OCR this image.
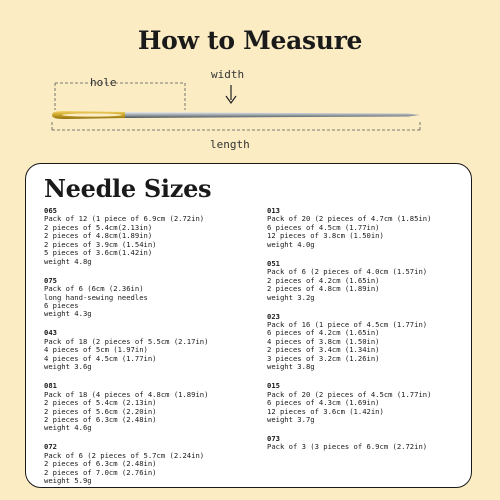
How to Measure
hole
width
length
Needle Sizes
065
Pack of 12 (1 piece of 6.9cm (2.72in)
2 pieces of 5.4cm(2.13in)
2 pieces of 4.8cm(1.89in)
2 pieces of 3.9cm (1.54in)
5 pieces of 3.6cm(1.42in)
weight 4.8g
075
Pack of 6 (6cm (2.36in)
long hand-sewing needles
6 pieces
weight 4.3g
043
Pack of 18 (2 pieces of 5.5cm (2.17in)
4 pieces of 5cm (1.97in)
4 pieces of 4.5cm (1.77in)
weight 3.6g
081
Pack of 18 (4 pieces of 4.8cm (1.89in)
2 pieces of 5.4cm (2.13in)
2 pieces of 5.6cm (2.20in)
2 pieces of 6.3cm (2.48in)
weight 4.6g
072
Pack of 6 (2 pieces of 5.7cm (2.24in)
2 pieces of 6.3cm (2.48in)
2 pieces of 7.0cm (2.76in)
weight 5.9g
013
Pack of 20 (2 pieces of 4.7cm (1.85in)
6 pieces of 4.5cm (1.77in)
12 pieces of 3.8cm (1.50in)
weight 4.0g
051
Pack of 6 (2 pieces of 4.0cm (1.57in)
2 pieces of 4.2cm (1.65in)
2 pieces of 4.8cm (1.89in)
weight 3.2g
023
Pack of 16 (1 piece of 4.5cm (1.77in)
6 pieces of 4.2cm (1.65in)
4 pieces of 3.8cm (1.50in)
2 pieces of 3.4cm (1.34in)
3 pieces of 3.2cm (1.26in)
weight 3.8g
015
Pack of 20 (2 pieces of 4.5cm (1.77in)
6 pieces of 4.3cm (1.69in)
12 pieces of 3.6cm (1.42in)
weight 3.7g
073
Pack of 3 (3 pieces of 6.9cm (2.72in)
